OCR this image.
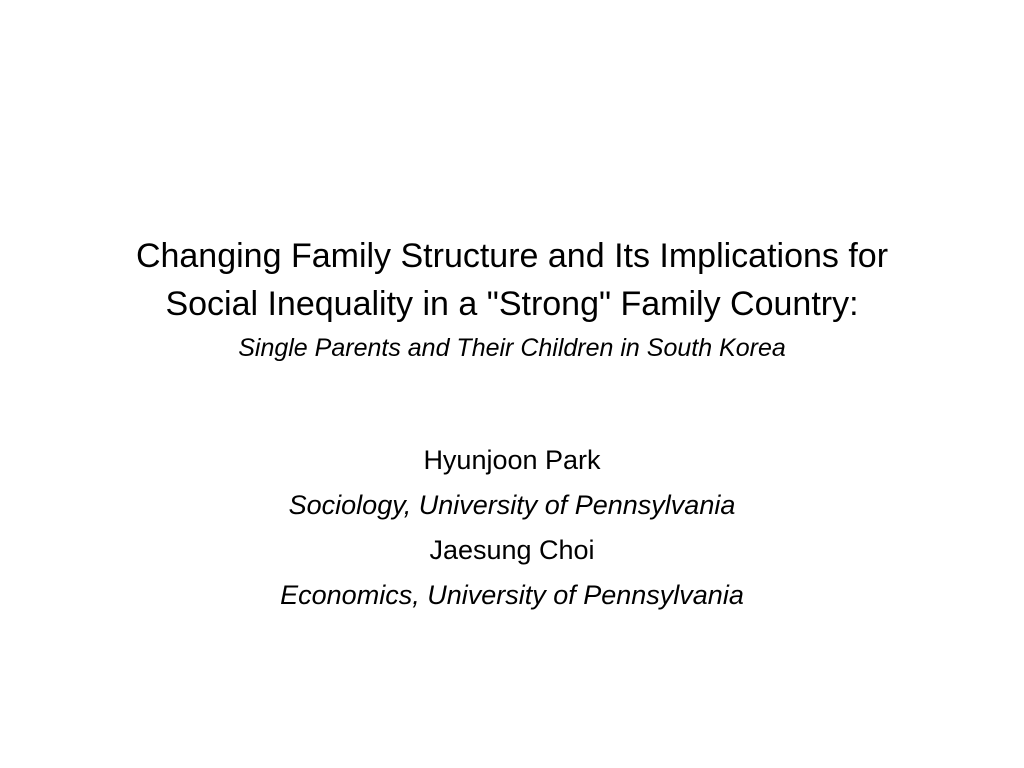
Changing Family Structure and Its Implications for
Social Inequality in a "Strong" Family Country:
Single Parents and Their Children in South Korea
Hyunjoon Park
Sociology, University of Pennsylvania
Jaesung Choi
Economics, University of Pennsylvania
